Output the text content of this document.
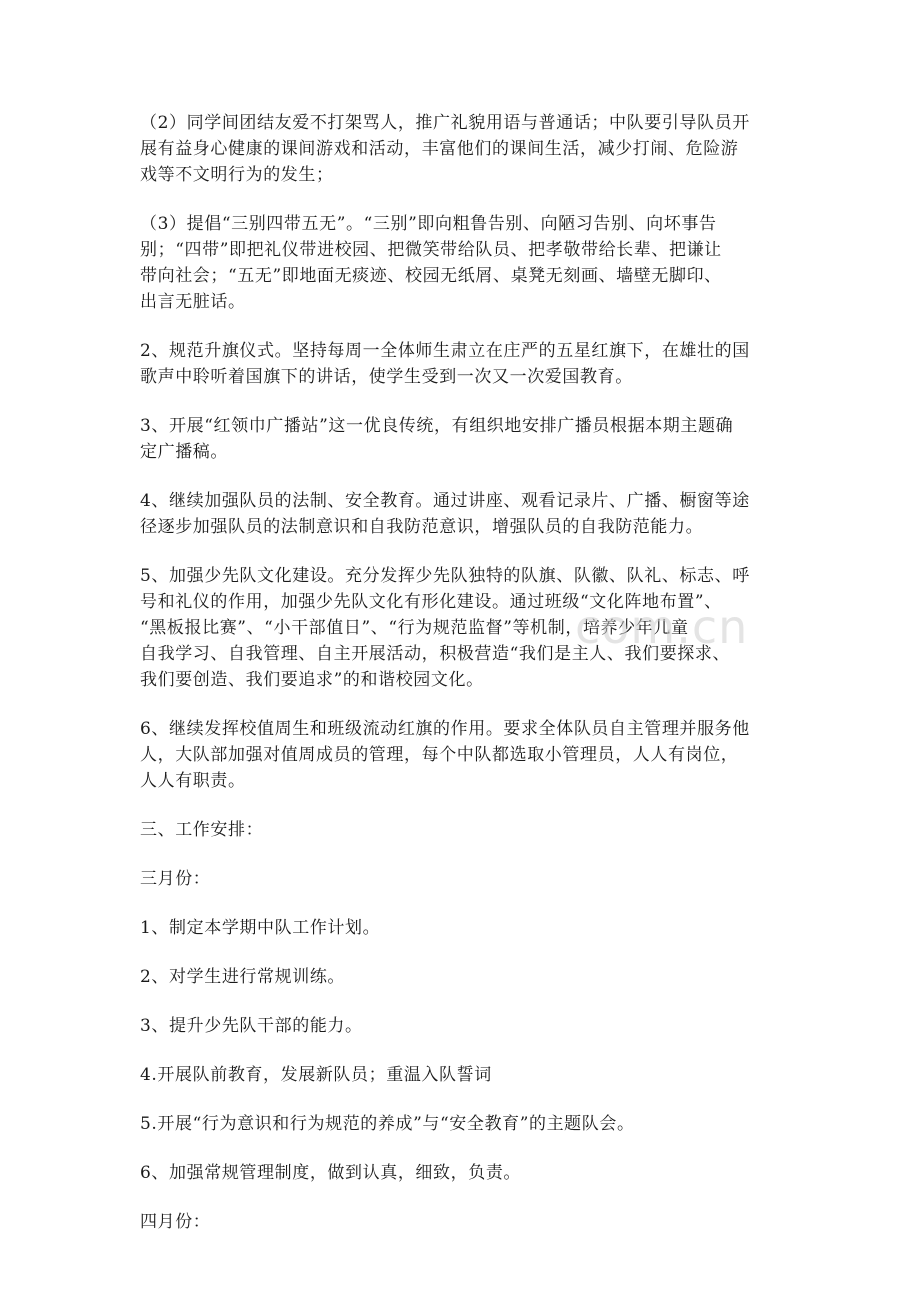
（2）同学间团结友爱不打架骂人，推广礼貌用语与普通话；中队要引导队员开
展有益身心健康的课间游戏和活动，丰富他们的课间生活，减少打闹、危险游
戏等不文明行为的发生；

（3）提倡“三别四带五无”。“三别”即向粗鲁告别、向陋习告别、向坏事告
别；“四带”即把礼仪带进校园、把微笑带给队员、把孝敬带给长辈、把谦让
带向社会；“五无”即地面无痰迹、校园无纸屑、桌凳无刻画、墙壁无脚印、
出言无脏话。

2、规范升旗仪式。坚持每周一全体师生肃立在庄严的五星红旗下，在雄壮的国
歌声中聆听着国旗下的讲话，使学生受到一次又一次爱国教育。

3、开展“红领巾广播站”这一优良传统，有组织地安排广播员根据本期主题确
定广播稿。

4、继续加强队员的法制、安全教育。通过讲座、观看记录片、广播、橱窗等途
径逐步加强队员的法制意识和自我防范意识，增强队员的自我防范能力。

5、加强少先队文化建设。充分发挥少先队独特的队旗、队徽、队礼、标志、呼
号和礼仪的作用，加强少先队文化有形化建设。通过班级“文化阵地布置”、
“黑板报比赛”、“小干部值日”、“行为规范监督”等机制，培养少年儿童
自我学习、自我管理、自主开展活动，积极营造“我们是主人、我们要探求、
我们要创造、我们要追求”的和谐校园文化。

6、继续发挥校值周生和班级流动红旗的作用。要求全体队员自主管理并服务他
人，大队部加强对值周成员的管理，每个中队都选取小管理员，人人有岗位，
人人有职责。

三、工作安排：

三月份：

1、制定本学期中队工作计划。

2、对学生进行常规训练。

3、提升少先队干部的能力。

4.开展队前教育，发展新队员；重温入队誓词

5.开展“行为意识和行为规范的养成”与“安全教育”的主题队会。

6、加强常规管理制度，做到认真，细致，负责。

四月份：

com.cn
